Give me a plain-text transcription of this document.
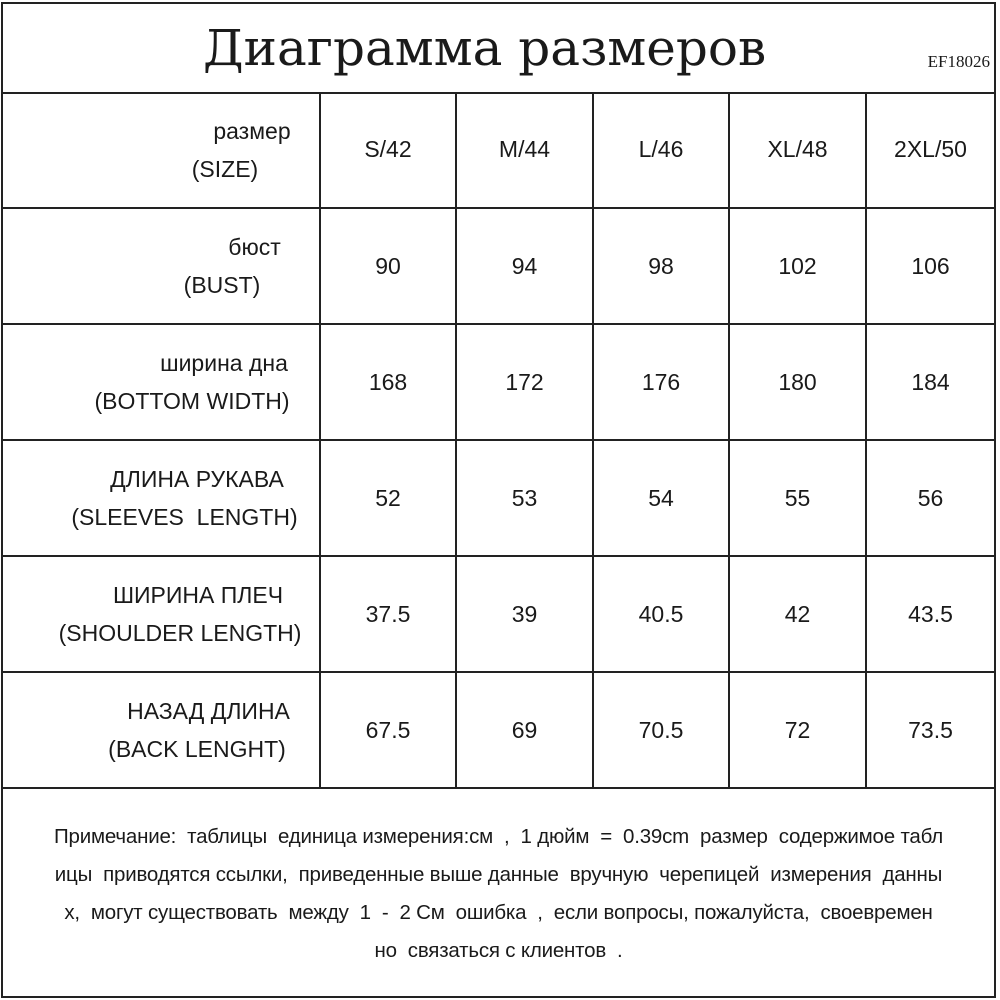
Диаграмма размеров	EF18026
размер
(SIZE)	S/42	M/44	L/46	XL/48	2XL/50

бюст
(BUST)	90	94	98	102	106

ширина дна
(BOTTOM WIDTH)	168	172	176	180	184

ДЛИНА РУКАВА
(SLEEVES  LENGTH)	52	53	54	55	56

ШИРИНА ПЛЕЧ
(SHOULDER LENGTH)	37.5	39	40.5	42	43.5

НАЗАД ДЛИНА
(BACK LENGHT)	67.5	69	70.5	72	73.5
Примечание:  таблицы  единица измерения:см  ,  1 дюйм  =  0.39cm  размер  содержимое табл
ицы  приводятся ссылки,  приведенные выше данные  вручную  черепицей  измерения  данны
х,  могут существовать  между  1  -  2 См  ошибка  ,  если вопросы, пожалуйста,  своевремен
но  связаться с клиентов  .
